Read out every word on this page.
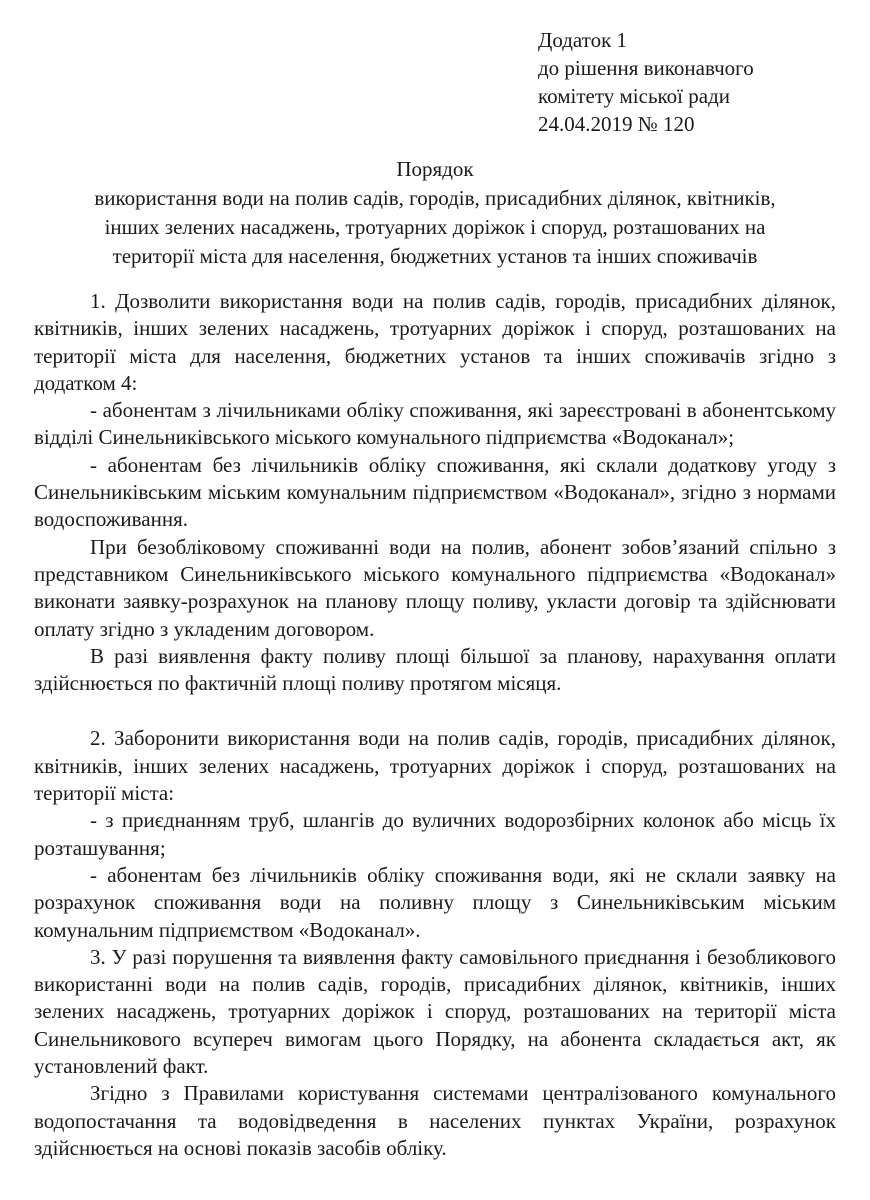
Додаток 1
до рішення виконавчого
комітету міської ради
24.04.2019 № 120
Порядок
використання води на полив садів, городів, присадибних ділянок, квітників,
інших зелених насаджень, тротуарних доріжок і споруд, розташованих на
території міста для населення, бюджетних установ та інших споживачів

1. Дозволити використання води на полив садів, городів, присадибних ділянок, квітників, інших зелених насаджень, тротуарних доріжок і споруд, розташованих на території міста для населення, бюджетних установ та інших споживачів згідно з додатком 4:

- абонентам з лічильниками обліку споживання, які зареєстровані в абонентському відділі Синельниківського міського комунального підприємства «Водоканал»;

- абонентам без лічильників обліку споживання, які склали додаткову угоду з Синельниківським міським комунальним підприємством «Водоканал», згідно з нормами водоспоживання.

При безобліковому споживанні води на полив, абонент зобов’язаний спільно з представником Синельниківського міського комунального підприємства «Водоканал» виконати заявку-розрахунок на планову площу поливу, укласти договір та здійснювати оплату згідно з укладеним договором.

В разі виявлення факту поливу площі більшої за планову, нарахування оплати здійснюється по фактичній площі поливу протягом місяця.

2. Заборонити використання води на полив садів, городів, присадибних ділянок, квітників, інших зелених насаджень, тротуарних доріжок і споруд, розташованих на території міста:

- з приєднанням труб, шлангів до вуличних водорозбірних колонок або місць їх розташування;

- абонентам без лічильників обліку споживання води, які не склали заявку на розрахунок споживання води на поливну площу з Синельниківським міським комунальним підприємством «Водоканал».

3. У разі порушення та виявлення факту самовільного приєднання і безобликового використанні води на полив садів, городів, присадибних ділянок, квітників, інших зелених насаджень, тротуарних доріжок і споруд, розташованих на території міста Синельникового всупереч вимогам цього Порядку, на абонента складається акт, як установлений факт.

Згідно з Правилами користування системами централізованого комунального водопостачання та водовідведення в населених пунктах України, розрахунок здійснюється на основі показів засобів обліку.
